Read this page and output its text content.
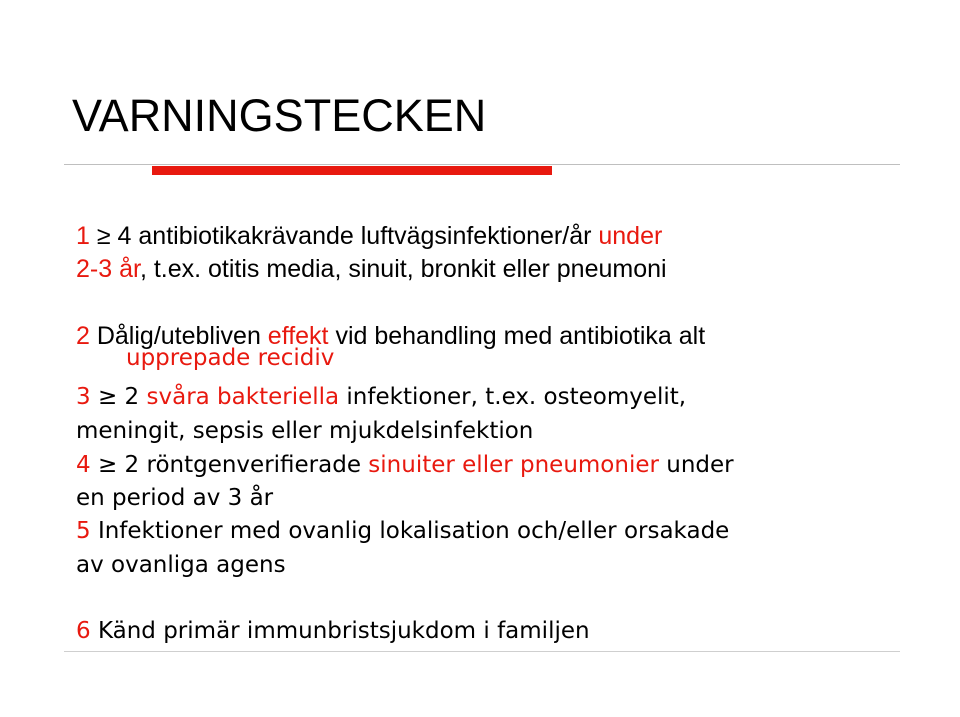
VARNINGSTECKEN
1 ≥ 4 antibiotikakrävande luftvägsinfektioner/år under
2-3 år, t.ex. otitis media, sinuit, bronkit eller pneumoni
2 Dålig/utebliven effekt vid behandling med antibiotika alt
upprepade recidiv
3 ≥ 2 svåra bakteriella infektioner, t.ex. osteomyelit,
meningit, sepsis eller mjukdelsinfektion
4 ≥ 2 röntgenverifierade sinuiter eller pneumonier under
en period av 3 år
5 Infektioner med ovanlig lokalisation och/eller orsakade
av ovanliga agens
6 Känd primär immunbristsjukdom i familjen
